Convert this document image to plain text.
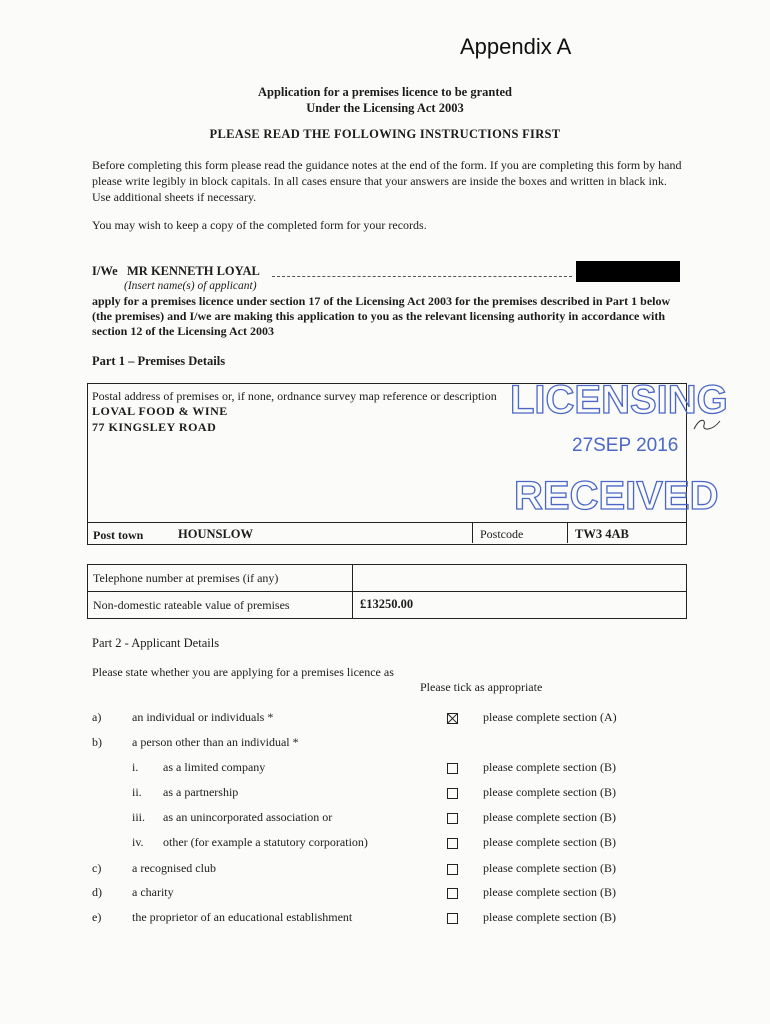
Appendix A
Application for a premises licence to be granted
Under the Licensing Act 2003
PLEASE READ THE FOLLOWING INSTRUCTIONS FIRST
Before completing this form please read the guidance notes at the end of the form. If you are completing this form by hand please write legibly in block capitals. In all cases ensure that your answers are inside the boxes and written in black ink. Use additional sheets if necessary.
You may wish to keep a copy of the completed form for your records.
I/We MR KENNETH LOYAL
(Insert name(s) of applicant)
apply for a premises licence under section 17 of the Licensing Act 2003 for the premises described in Part 1 below (the premises) and I/we are making this application to you as the relevant licensing authority in accordance with section 12 of the Licensing Act 2003
Part 1 – Premises Details
Postal address of premises or, if none, ordnance survey map reference or description
LOVAL FOOD & WINE
77 KINGSLEY ROAD
Post town	HOUNSLOW	Postcode	TW3 4AB
LICENSING
27SEP 2016
RECEIVED
Telephone number at premises (if any)
Non-domestic rateable value of premises	£13250.00
Part 2 - Applicant Details
Please state whether you are applying for a premises licence as
Please tick as appropriate
a)	an individual or individuals *	please complete section (A)
b)	a person other than an individual *
i. as a limited company	please complete section (B)
ii. as a partnership	please complete section (B)
iii. as an unincorporated association or	please complete section (B)
iv. other (for example a statutory corporation)	please complete section (B)
c)	a recognised club	please complete section (B)
d)	a charity	please complete section (B)
e)	the proprietor of an educational establishment	please complete section (B)
